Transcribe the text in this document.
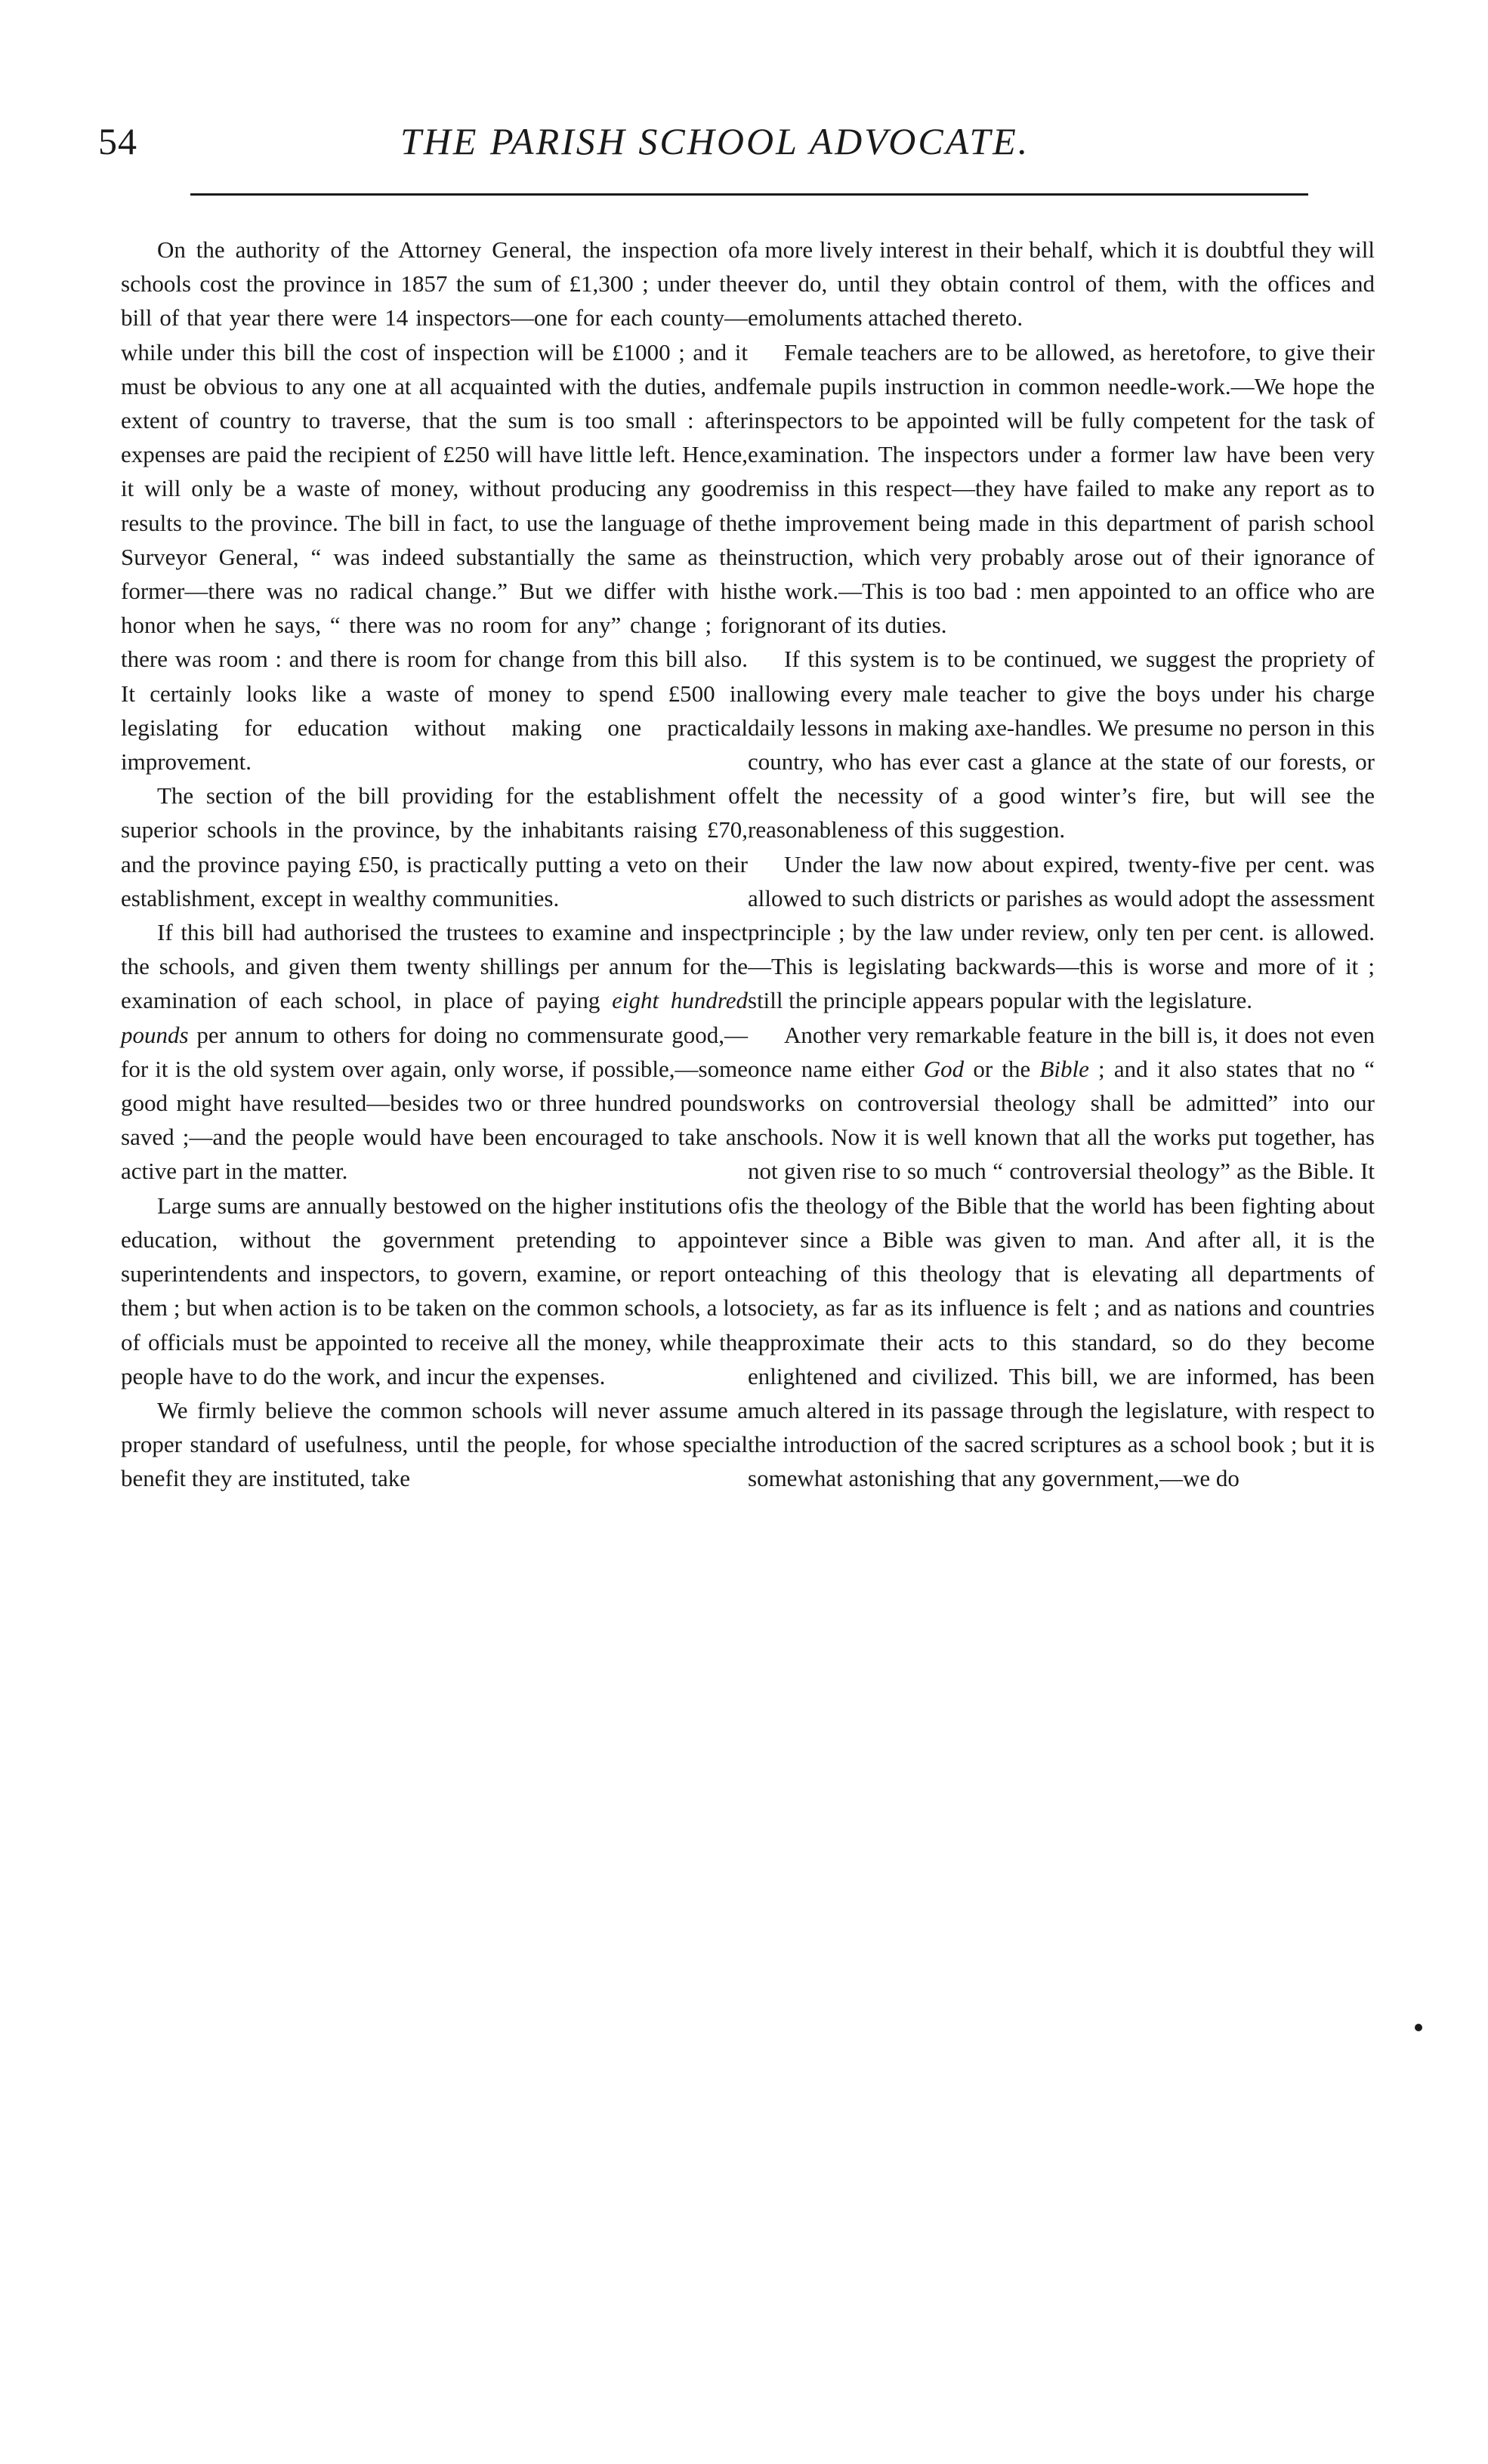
54	THE PARISH SCHOOL ADVOCATE.

On the authority of the Attorney General, the inspection of schools cost the province in 1857 the sum of £1,300 ; under the bill of that year there were 14 inspectors—one for each county—while under this bill the cost of inspection will be £1000 ; and it must be obvious to any one at all acquainted with the duties, and extent of country to traverse, that the sum is too small : after expenses are paid the recipient of £250 will have little left. Hence, it will only be a waste of money, without producing any good results to the province. The bill in fact, to use the language of the Surveyor General, “ was indeed substantially the same as the former—there was no radical change.” But we differ with his honor when he says, “ there was no room for any” change ; for there was room : and there is room for change from this bill also. It certainly looks like a waste of money to spend £500 in legislating for education without making one practical improvement.

The section of the bill providing for the establishment of superior schools in the province, by the inhabitants raising £70, and the province paying £50, is practically putting a veto on their establishment, except in wealthy communities.

If this bill had authorised the trustees to examine and inspect the schools, and given them twenty shillings per annum for the examination of each school, in place of paying eight hundred pounds per annum to others for doing no commensurate good,—for it is the old system over again, only worse, if possible,—some good might have resulted—besides two or three hundred pounds saved ;—and the people would have been encouraged to take an active part in the matter.

Large sums are annually bestowed on the higher institutions of education, without the government pretending to appoint superintendents and inspectors, to govern, examine, or report on them ; but when action is to be taken on the common schools, a lot of officials must be appointed to receive all the money, while the people have to do the work, and incur the expenses.

We firmly believe the common schools will never assume a proper standard of usefulness, until the people, for whose special benefit they are instituted, take

a more lively interest in their behalf, which it is doubtful they will ever do, until they obtain control of them, with the offices and emoluments attached thereto.

Female teachers are to be allowed, as heretofore, to give their female pupils instruction in common needle-work.—We hope the inspectors to be appointed will be fully competent for the task of examination. The inspectors under a former law have been very remiss in this respect—they have failed to make any report as to the improvement being made in this department of parish school instruction, which very probably arose out of their ignorance of the work.—This is too bad : men appointed to an office who are ignorant of its duties.

If this system is to be continued, we suggest the propriety of allowing every male teacher to give the boys under his charge daily lessons in making axe-handles. We presume no person in this country, who has ever cast a glance at the state of our forests, or felt the necessity of a good winter’s fire, but will see the reasonableness of this suggestion.

Under the law now about expired, twenty-five per cent. was allowed to such districts or parishes as would adopt the assessment principle ; by the law under review, only ten per cent. is allowed.—This is legislating backwards—this is worse and more of it ; still the principle appears popular with the legislature.

Another very remarkable feature in the bill is, it does not even once name either God or the Bible ; and it also states that no “ works on controversial theology shall be admitted” into our schools. Now it is well known that all the works put together, has not given rise to so much “ controversial theology” as the Bible. It is the theology of the Bible that the world has been fighting about ever since a Bible was given to man. And after all, it is the teaching of this theology that is elevating all departments of society, as far as its influence is felt ; and as nations and countries approximate their acts to this standard, so do they become enlightened and civilized. This bill, we are informed, has been much altered in its passage through the legislature, with respect to the introduction of the sacred scriptures as a school book ; but it is somewhat astonishing that any government,—we do
